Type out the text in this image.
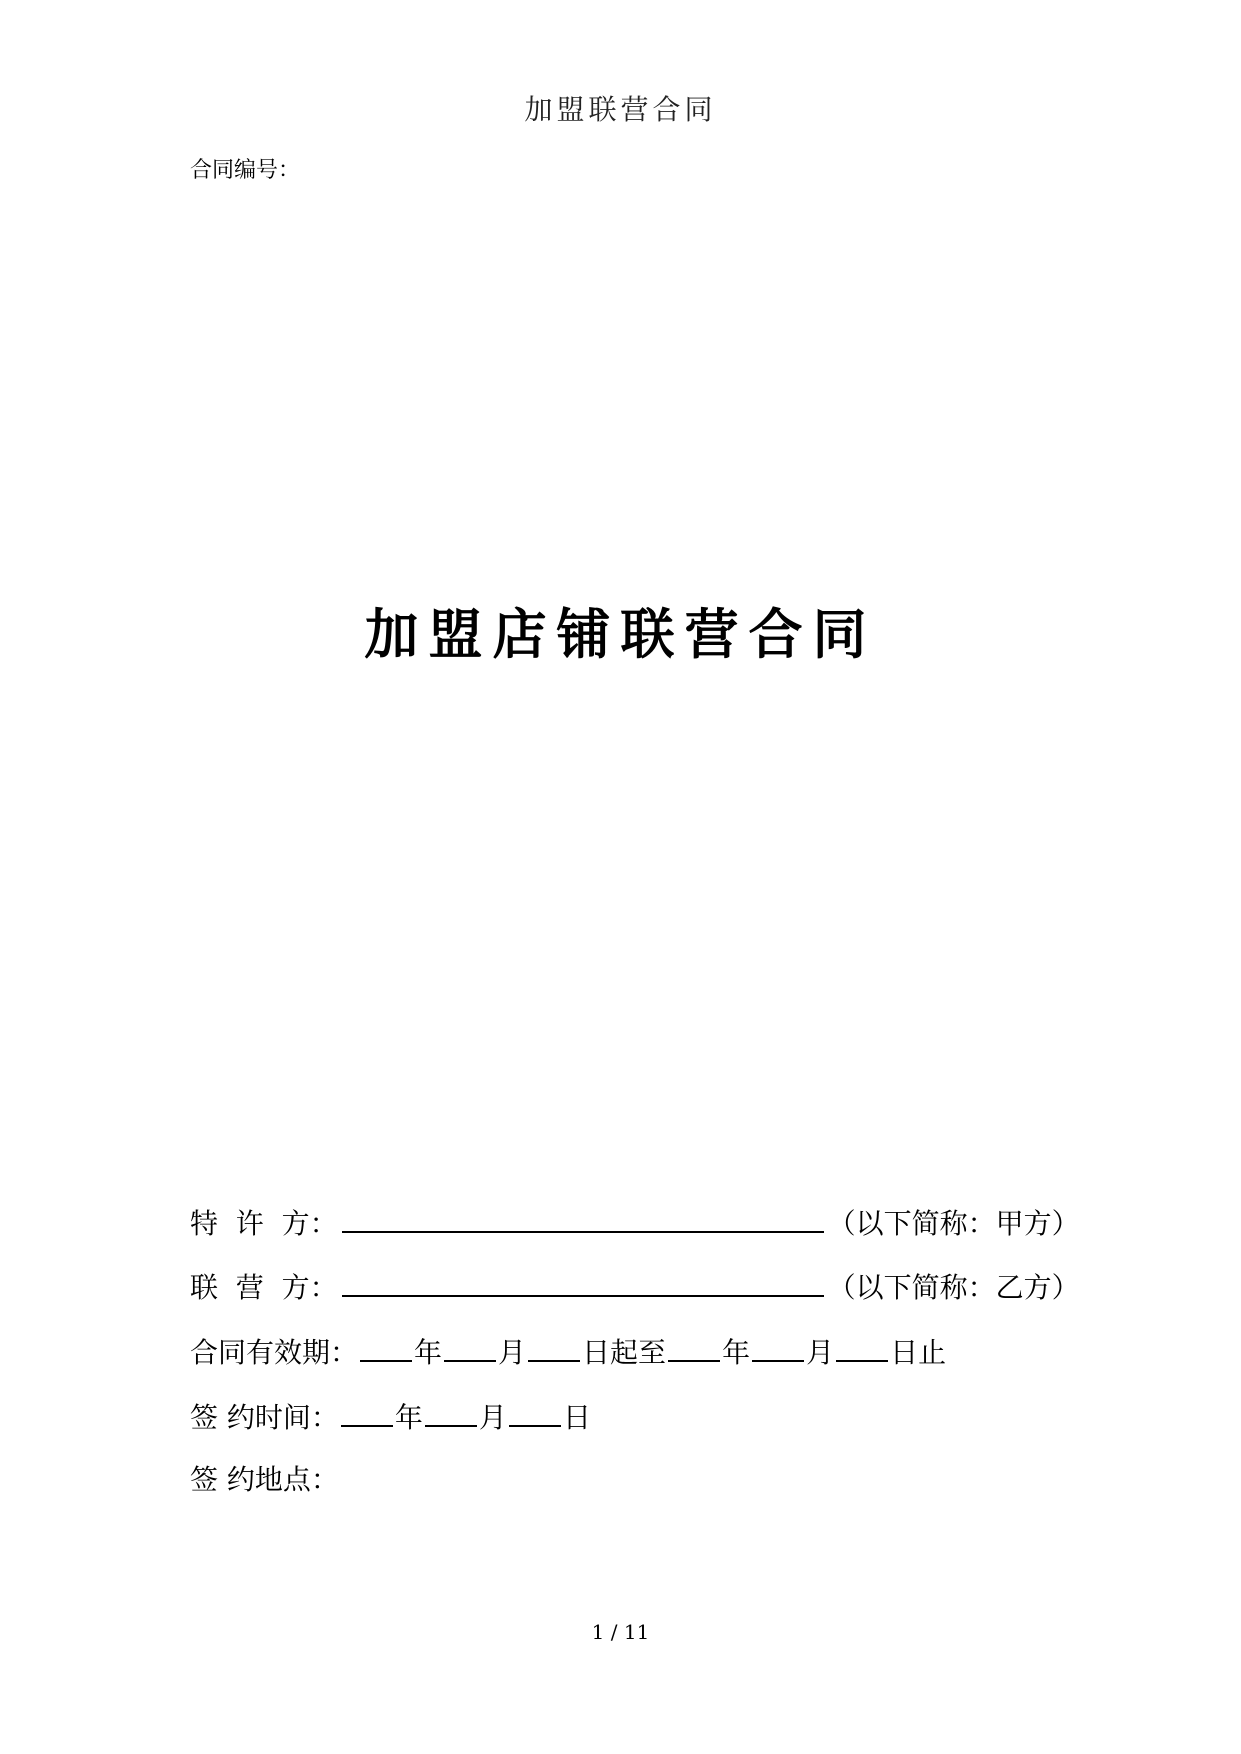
加盟联营合同
合同编号：
加盟店铺联营合同
特  许  方：	（以下简称：甲方）
联  营  方：	（以下简称：乙方）
合同有效期： 年 月 日起至 年 月 日止
签 约时间： 年 月 日
签 约地点：
1 / 11
